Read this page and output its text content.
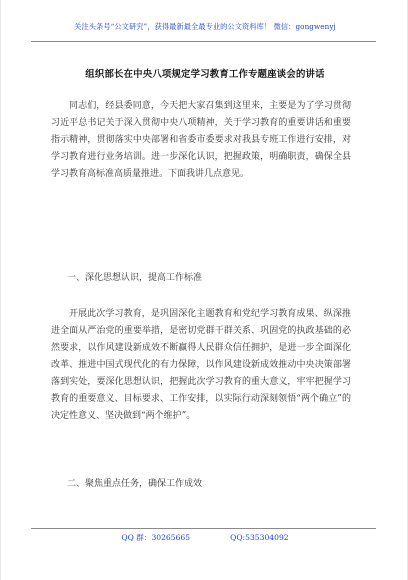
关注头条号“公文研究”，获得最新最全最专业的公文资料库！ 微信：gongwenyj
组织部长在中央八项规定学习教育工作专题座谈会的讲话

同志们，经县委同意，今天把大家召集到这里来，主要是为了学习贯彻习近平总书记关于深入贯彻中央八项精神，关于学习教育的重要讲话和重要指示精神，贯彻落实中央部署和省委市委要求对我县专班工作进行安排，对学习教育进行业务培训。进一步深化认识，把握政策，明确职责，确保全县学习教育高标准高质量推进。下面我讲几点意见。

一、深化思想认识，提高工作标准

开展此次学习教育，是巩固深化主题教育和党纪学习教育成果、纵深推进全面从严治党的重要举措，是密切党群干群关系、巩固党的执政基础的必然要求，以作风建设新成效不断赢得人民群众信任拥护，是进一步全面深化改革、推进中国式现代化的有力保障，以作风建设新成效推动中央决策部署落到实处，要深化思想认识，把握此次学习教育的重大意义，牢牢把握学习教育的重要意义、目标要求、工作安排，以实际行动深刻领悟“两个确立”的决定性意义、坚决做到“两个维护”。

二、聚焦重点任务，确保工作成效
QQ 群：30265665	QQ:535304092
